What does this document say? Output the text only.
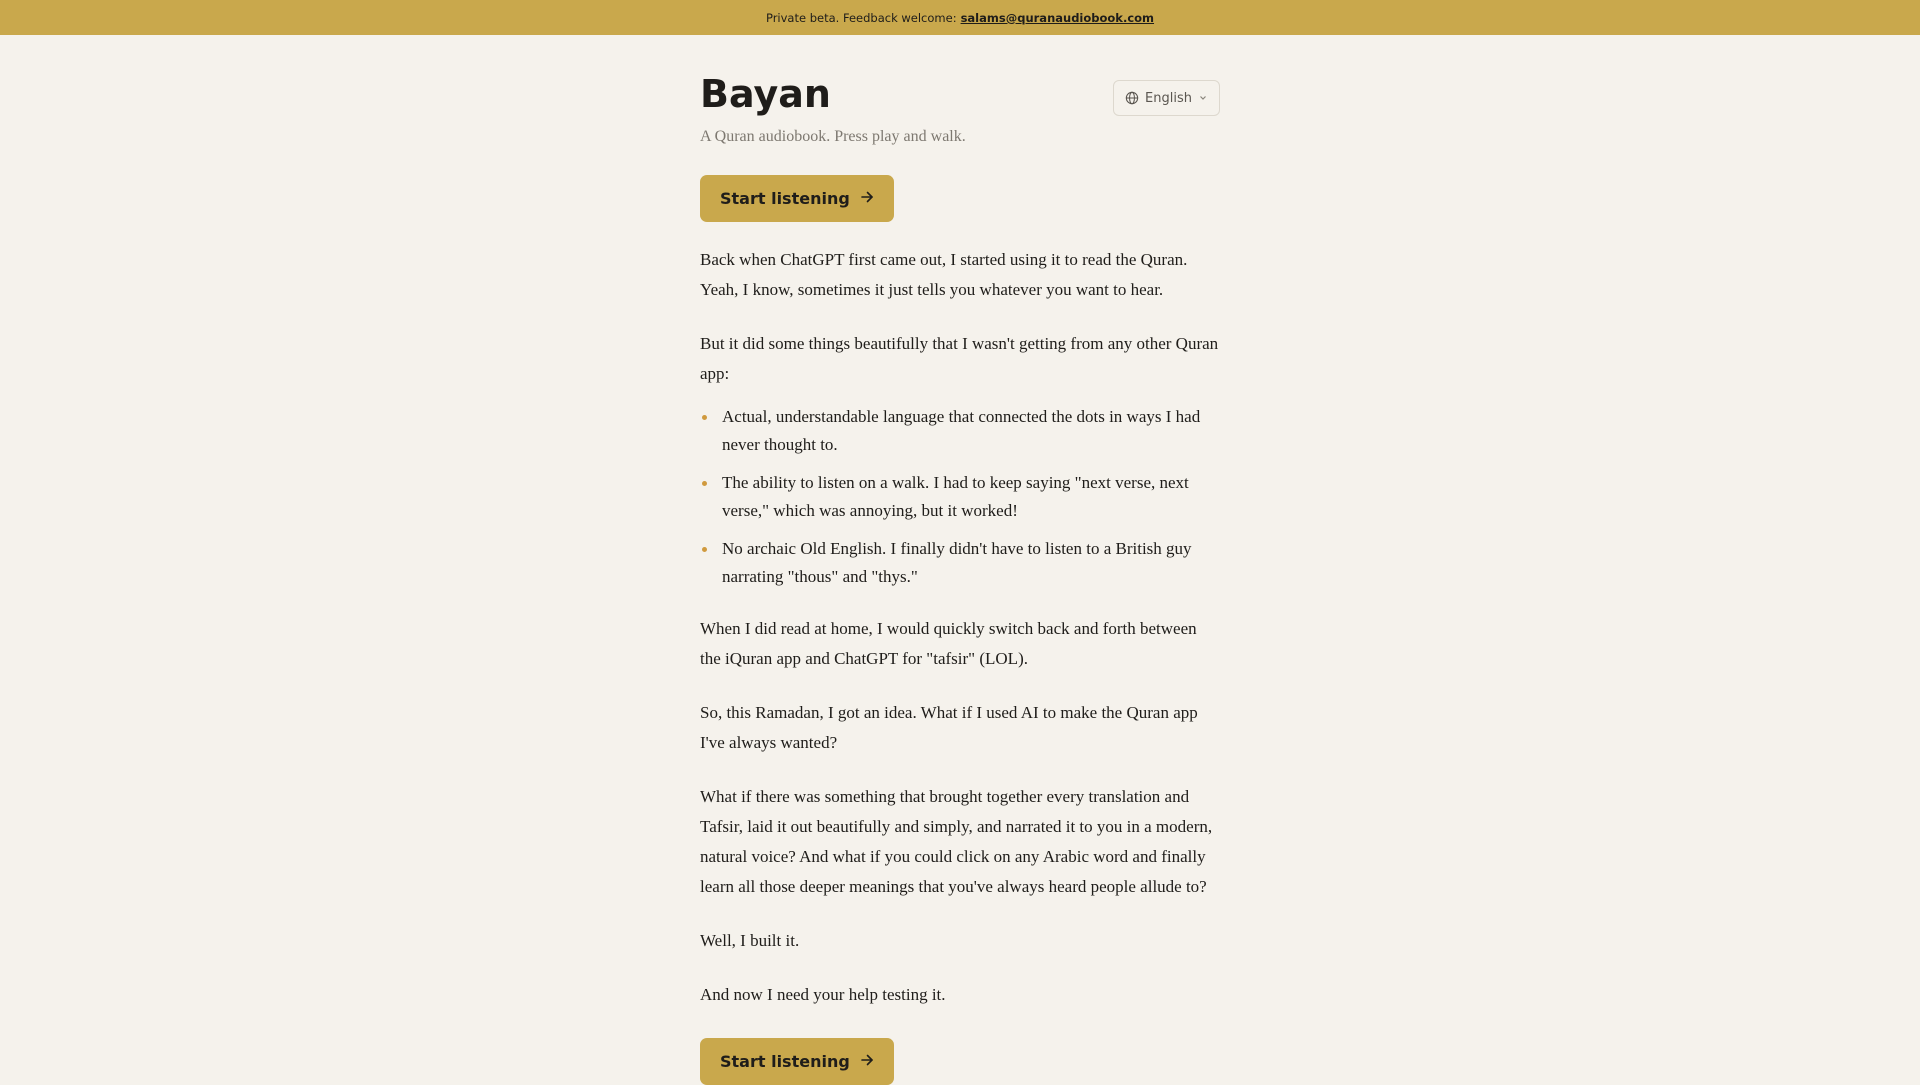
Private beta. Feedback welcome: salams@quranaudiobook.com
Bayan	English
A Quran audiobook. Press play and walk.
Start listening

Back when ChatGPT first came out, I started using it to read the Quran. Yeah, I know, sometimes it just tells you whatever you want to hear.

But it did some things beautifully that I wasn't getting from any other Quran app:

Actual, understandable language that connected the dots in ways I had never thought to.
The ability to listen on a walk. I had to keep saying "next verse, next verse," which was annoying, but it worked!
No archaic Old English. I finally didn't have to listen to a British guy narrating "thous" and "thys."

When I did read at home, I would quickly switch back and forth between the iQuran app and ChatGPT for "tafsir" (LOL).

So, this Ramadan, I got an idea. What if I used AI to make the Quran app I've always wanted?

What if there was something that brought together every translation and Tafsir, laid it out beautifully and simply, and narrated it to you in a modern, natural voice? And what if you could click on any Arabic word and finally learn all those deeper meanings that you've always heard people allude to?

Well, I built it.

And now I need your help testing it.

Start listening
